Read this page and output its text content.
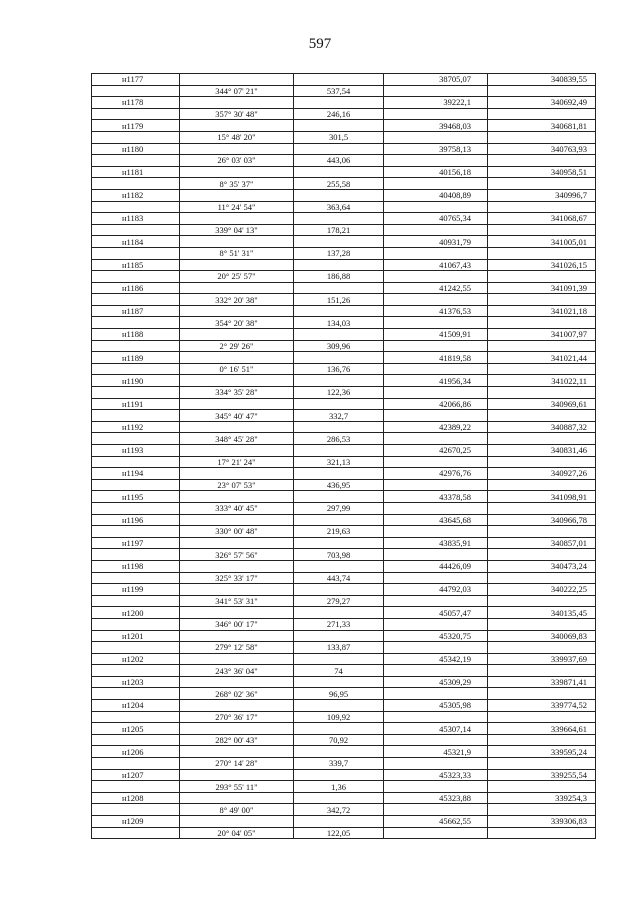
597
н1177			38705,07	340839,55
	344° 07' 21"	537,54		
н1178			39222,1	340692,49
	357° 30' 48"	246,16		
н1179			39468,03	340681,81
	15° 48' 20"	301,5		
н1180			39758,13	340763,93
	26° 03' 03"	443,06		
н1181			40156,18	340958,51
	8° 35' 37"	255,58		
н1182			40408,89	340996,7
	11° 24' 54"	363,64		
н1183			40765,34	341068,67
	339° 04' 13"	178,21		
н1184			40931,79	341005,01
	8° 51' 31"	137,28		
н1185			41067,43	341026,15
	20° 25' 57"	186,88		
н1186			41242,55	341091,39
	332° 20' 38"	151,26		
н1187			41376,53	341021,18
	354° 20' 38"	134,03		
н1188			41509,91	341007,97
	2° 29' 26"	309,96		
н1189			41819,58	341021,44
	0° 16' 51"	136,76		
н1190			41956,34	341022,11
	334° 35' 28"	122,36		
н1191			42066,86	340969,61
	345° 40' 47"	332,7		
н1192			42389,22	340887,32
	348° 45' 28"	286,53		
н1193			42670,25	340831,46
	17° 21' 24"	321,13		
н1194			42976,76	340927,26
	23° 07' 53"	436,95		
н1195			43378,58	341098,91
	333° 40' 45"	297,99		
н1196			43645,68	340966,78
	330° 00' 48"	219,63		
н1197			43835,91	340857,01
	326° 57' 56"	703,98		
н1198			44426,09	340473,24
	325° 33' 17"	443,74		
н1199			44792,03	340222,25
	341° 53' 31"	279,27		
н1200			45057,47	340135,45
	346° 00' 17"	271,33		
н1201			45320,75	340069,83
	279° 12' 58"	133,87		
н1202			45342,19	339937,69
	243° 36' 04"	74		
н1203			45309,29	339871,41
	268° 02' 36"	96,95		
н1204			45305,98	339774,52
	270° 36' 17"	109,92		
н1205			45307,14	339664,61
	282° 00' 43"	70,92		
н1206			45321,9	339595,24
	270° 14' 28"	339,7		
н1207			45323,33	339255,54
	293° 55' 11"	1,36		
н1208			45323,88	339254,3
	8° 49' 00"	342,72		
н1209			45662,55	339306,83
	20° 04' 05"	122,05		
